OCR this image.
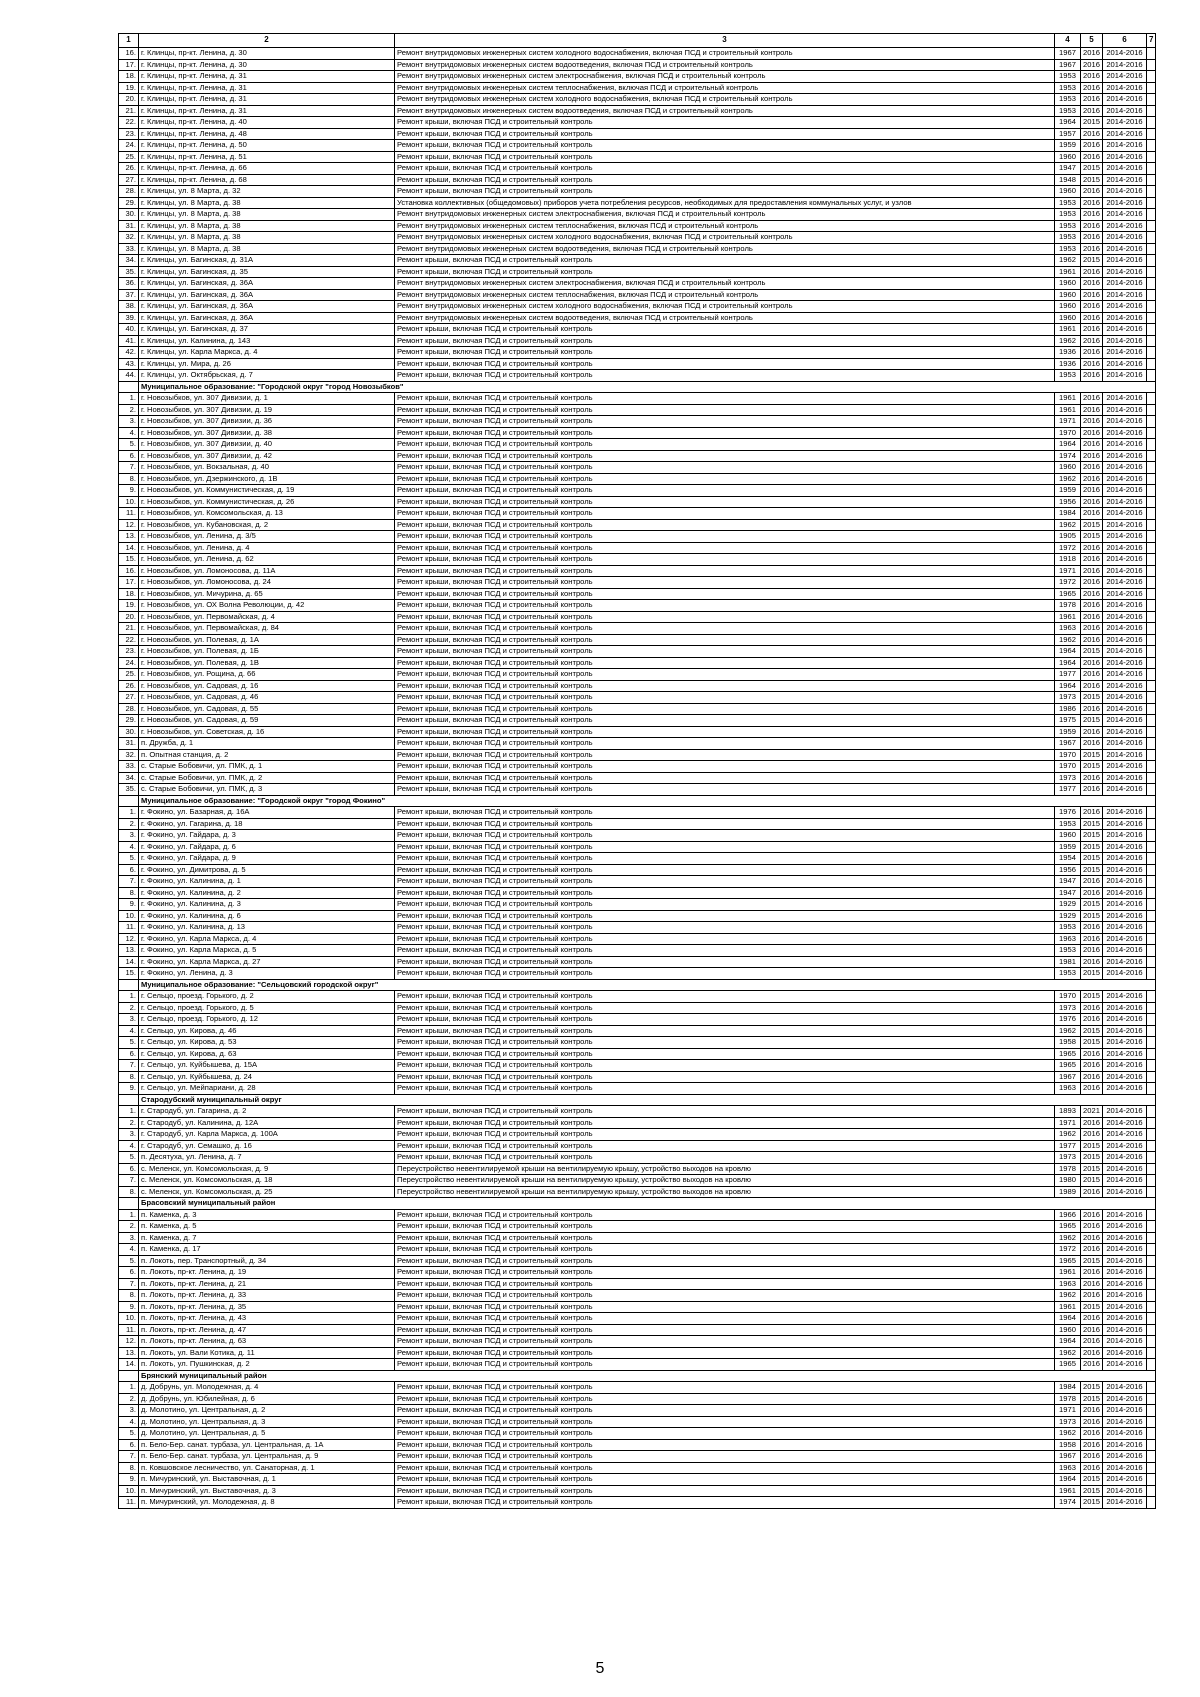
1	2	3	4	5	6	7
16.	г. Клинцы, пр-кт. Ленина, д. 30	Ремонт внутридомовых инженерных систем холодного водоснабжения, включая ПСД и строительный контроль	1967	2016	2014-2016	
17.	г. Клинцы, пр-кт. Ленина, д. 30	Ремонт внутридомовых инженерных систем водоотведения, включая ПСД и строительный контроль	1967	2016	2014-2016	
18.	г. Клинцы, пр-кт. Ленина, д. 31	Ремонт внутридомовых инженерных систем электроснабжения, включая ПСД и строительный контроль	1953	2016	2014-2016	
19.	г. Клинцы, пр-кт. Ленина, д. 31	Ремонт внутридомовых инженерных систем теплоснабжения, включая ПСД и строительный контроль	1953	2016	2014-2016	
20.	г. Клинцы, пр-кт. Ленина, д. 31	Ремонт внутридомовых инженерных систем холодного водоснабжения, включая ПСД и строительный контроль	1953	2016	2014-2016	
21.	г. Клинцы, пр-кт. Ленина, д. 31	Ремонт внутридомовых инженерных систем водоотведения, включая ПСД и строительный контроль	1953	2016	2014-2016	
22.	г. Клинцы, пр-кт. Ленина, д. 40	Ремонт крыши, включая ПСД и строительный контроль	1964	2015	2014-2016	
23.	г. Клинцы, пр-кт. Ленина, д. 48	Ремонт крыши, включая ПСД и строительный контроль	1957	2016	2014-2016	
24.	г. Клинцы, пр-кт. Ленина, д. 50	Ремонт крыши, включая ПСД и строительный контроль	1959	2016	2014-2016	
25.	г. Клинцы, пр-кт. Ленина, д. 51	Ремонт крыши, включая ПСД и строительный контроль	1960	2016	2014-2016	
26.	г. Клинцы, пр-кт. Ленина, д. 66	Ремонт крыши, включая ПСД и строительный контроль	1947	2015	2014-2016	
27.	г. Клинцы, пр-кт. Ленина, д. 68	Ремонт крыши, включая ПСД и строительный контроль	1948	2015	2014-2016	
28.	г. Клинцы, ул. 8 Марта, д. 32	Ремонт крыши, включая ПСД и строительный контроль	1960	2016	2014-2016	
29.	г. Клинцы, ул. 8 Марта, д. 38	Установка коллективных (общедомовых) приборов учета потребления ресурсов, необходимых для предоставления коммунальных услуг, и узлов	1953	2016	2014-2016	
30.	г. Клинцы, ул. 8 Марта, д. 38	Ремонт внутридомовых инженерных систем электроснабжения, включая ПСД и строительный контроль	1953	2016	2014-2016	
31.	г. Клинцы, ул. 8 Марта, д. 38	Ремонт внутридомовых инженерных систем теплоснабжения, включая ПСД и строительный контроль	1953	2016	2014-2016	
32.	г. Клинцы, ул. 8 Марта, д. 38	Ремонт внутридомовых инженерных систем холодного водоснабжения, включая ПСД и строительный контроль	1953	2016	2014-2016	
33.	г. Клинцы, ул. 8 Марта, д. 38	Ремонт внутридомовых инженерных систем водоотведения, включая ПСД и строительный контроль	1953	2016	2014-2016	
34.	г. Клинцы, ул. Багинская, д. 31А	Ремонт крыши, включая ПСД и строительный контроль	1962	2015	2014-2016	
35.	г. Клинцы, ул. Багинская, д. 35	Ремонт крыши, включая ПСД и строительный контроль	1961	2016	2014-2016	
36.	г. Клинцы, ул. Багинская, д. 36А	Ремонт внутридомовых инженерных систем электроснабжения, включая ПСД и строительный контроль	1960	2016	2014-2016	
37.	г. Клинцы, ул. Багинская, д. 36А	Ремонт внутридомовых инженерных систем теплоснабжения, включая ПСД и строительный контроль	1960	2016	2014-2016	
38.	г. Клинцы, ул. Багинская, д. 36А	Ремонт внутридомовых инженерных систем холодного водоснабжения, включая ПСД и строительный контроль	1960	2016	2014-2016	
39.	г. Клинцы, ул. Багинская, д. 36А	Ремонт внутридомовых инженерных систем водоотведения, включая ПСД и строительный контроль	1960	2016	2014-2016	
40.	г. Клинцы, ул. Багинская, д. 37	Ремонт крыши, включая ПСД и строительный контроль	1961	2016	2014-2016	
41.	г. Клинцы, ул. Калинина, д. 143	Ремонт крыши, включая ПСД и строительный контроль	1962	2016	2014-2016	
42.	г. Клинцы, ул. Карла Маркса, д. 4	Ремонт крыши, включая ПСД и строительный контроль	1936	2016	2014-2016	
43.	г. Клинцы, ул. Мира, д. 26	Ремонт крыши, включая ПСД и строительный контроль	1936	2016	2014-2016	
44.	г. Клинцы, ул. Октябрьская, д. 7	Ремонт крыши, включая ПСД и строительный контроль	1953	2016	2014-2016	
	Муниципальное образование: "Городской округ "город Новозыбков"					
1.	г. Новозыбков, ул. 307 Дивизии, д. 1	Ремонт крыши, включая ПСД и строительный контроль	1961	2016	2014-2016	
2.	г. Новозыбков, ул. 307 Дивизии, д. 19	Ремонт крыши, включая ПСД и строительный контроль	1961	2016	2014-2016	
3.	г. Новозыбков, ул. 307 Дивизии, д. 36	Ремонт крыши, включая ПСД и строительный контроль	1971	2016	2014-2016	
4.	г. Новозыбков, ул. 307 Дивизии, д. 38	Ремонт крыши, включая ПСД и строительный контроль	1970	2016	2014-2016	
5.	г. Новозыбков, ул. 307 Дивизии, д. 40	Ремонт крыши, включая ПСД и строительный контроль	1964	2016	2014-2016	
6.	г. Новозыбков, ул. 307 Дивизии, д. 42	Ремонт крыши, включая ПСД и строительный контроль	1974	2016	2014-2016	
7.	г. Новозыбков, ул. Вокзальная, д. 40	Ремонт крыши, включая ПСД и строительный контроль	1960	2016	2014-2016	
8.	г. Новозыбков, ул. Дзержинского, д. 1В	Ремонт крыши, включая ПСД и строительный контроль	1962	2016	2014-2016	
9.	г. Новозыбков, ул. Коммунистическая, д. 19	Ремонт крыши, включая ПСД и строительный контроль	1959	2016	2014-2016	
10.	г. Новозыбков, ул. Коммунистическая, д. 26	Ремонт крыши, включая ПСД и строительный контроль	1956	2016	2014-2016	
11.	г. Новозыбков, ул. Комсомольская, д. 13	Ремонт крыши, включая ПСД и строительный контроль	1984	2016	2014-2016	
12.	г. Новозыбков, ул. Кубановская, д. 2	Ремонт крыши, включая ПСД и строительный контроль	1962	2015	2014-2016	
13.	г. Новозыбков, ул. Ленина, д. 3/5	Ремонт крыши, включая ПСД и строительный контроль	1905	2015	2014-2016	
14.	г. Новозыбков, ул. Ленина, д. 4	Ремонт крыши, включая ПСД и строительный контроль	1972	2016	2014-2016	
15.	г. Новозыбков, ул. Ленина, д. 62	Ремонт крыши, включая ПСД и строительный контроль	1918	2016	2014-2016	
16.	г. Новозыбков, ул. Ломоносова, д. 11А	Ремонт крыши, включая ПСД и строительный контроль	1971	2016	2014-2016	
17.	г. Новозыбков, ул. Ломоносова, д. 24	Ремонт крыши, включая ПСД и строительный контроль	1972	2016	2014-2016	
18.	г. Новозыбков, ул. Мичурина, д. 65	Ремонт крыши, включая ПСД и строительный контроль	1965	2016	2014-2016	
19.	г. Новозыбков, ул. ОХ Волна Революции, д. 42	Ремонт крыши, включая ПСД и строительный контроль	1978	2016	2014-2016	
20.	г. Новозыбков, ул. Первомайская, д. 4	Ремонт крыши, включая ПСД и строительный контроль	1961	2016	2014-2016	
21.	г. Новозыбков, ул. Первомайская, д. 84	Ремонт крыши, включая ПСД и строительный контроль	1963	2016	2014-2016	
22.	г. Новозыбков, ул. Полевая, д. 1А	Ремонт крыши, включая ПСД и строительный контроль	1962	2016	2014-2016	
23.	г. Новозыбков, ул. Полевая, д. 1Б	Ремонт крыши, включая ПСД и строительный контроль	1964	2015	2014-2016	
24.	г. Новозыбков, ул. Полевая, д. 1В	Ремонт крыши, включая ПСД и строительный контроль	1964	2016	2014-2016	
25.	г. Новозыбков, ул. Рощина, д. 66	Ремонт крыши, включая ПСД и строительный контроль	1977	2016	2014-2016	
26.	г. Новозыбков, ул. Садовая, д. 16	Ремонт крыши, включая ПСД и строительный контроль	1964	2016	2014-2016	
27.	г. Новозыбков, ул. Садовая, д. 46	Ремонт крыши, включая ПСД и строительный контроль	1973	2015	2014-2016	
28.	г. Новозыбков, ул. Садовая, д. 55	Ремонт крыши, включая ПСД и строительный контроль	1986	2016	2014-2016	
29.	г. Новозыбков, ул. Садовая, д. 59	Ремонт крыши, включая ПСД и строительный контроль	1975	2015	2014-2016	
30.	г. Новозыбков, ул. Советская, д. 16	Ремонт крыши, включая ПСД и строительный контроль	1959	2016	2014-2016	
31.	п. Дружба, д. 1	Ремонт крыши, включая ПСД и строительный контроль	1967	2016	2014-2016	
32.	п. Опытная станция, д. 2	Ремонт крыши, включая ПСД и строительный контроль	1970	2015	2014-2016	
33.	с. Старые Бобовичи, ул. ПМК, д. 1	Ремонт крыши, включая ПСД и строительный контроль	1970	2015	2014-2016	
34.	с. Старые Бобовичи, ул. ПМК, д. 2	Ремонт крыши, включая ПСД и строительный контроль	1973	2016	2014-2016	
35.	с. Старые Бобовичи, ул. ПМК, д. 3	Ремонт крыши, включая ПСД и строительный контроль	1977	2016	2014-2016	
	Муниципальное образование: "Городской округ "город Фокино"					
1.	г. Фокино, ул. Базарная, д. 16А	Ремонт крыши, включая ПСД и строительный контроль	1976	2016	2014-2016	
2.	г. Фокино, ул. Гагарина, д. 18	Ремонт крыши, включая ПСД и строительный контроль	1953	2015	2014-2016	
3.	г. Фокино, ул. Гайдара, д. 3	Ремонт крыши, включая ПСД и строительный контроль	1960	2015	2014-2016	
4.	г. Фокино, ул. Гайдара, д. 6	Ремонт крыши, включая ПСД и строительный контроль	1959	2015	2014-2016	
5.	г. Фокино, ул. Гайдара, д. 9	Ремонт крыши, включая ПСД и строительный контроль	1954	2015	2014-2016	
6.	г. Фокино, ул. Димитрова, д. 5	Ремонт крыши, включая ПСД и строительный контроль	1956	2015	2014-2016	
7.	г. Фокино, ул. Калинина, д. 1	Ремонт крыши, включая ПСД и строительный контроль	1947	2016	2014-2016	
8.	г. Фокино, ул. Калинина, д. 2	Ремонт крыши, включая ПСД и строительный контроль	1947	2016	2014-2016	
9.	г. Фокино, ул. Калинина, д. 3	Ремонт крыши, включая ПСД и строительный контроль	1929	2015	2014-2016	
10.	г. Фокино, ул. Калинина, д. 6	Ремонт крыши, включая ПСД и строительный контроль	1929	2015	2014-2016	
11.	г. Фокино, ул. Калинина, д. 13	Ремонт крыши, включая ПСД и строительный контроль	1953	2016	2014-2016	
12.	г. Фокино, ул. Карла Маркса, д. 4	Ремонт крыши, включая ПСД и строительный контроль	1963	2016	2014-2016	
13.	г. Фокино, ул. Карла Маркса, д. 5	Ремонт крыши, включая ПСД и строительный контроль	1953	2016	2014-2016	
14.	г. Фокино, ул. Карла Маркса, д. 27	Ремонт крыши, включая ПСД и строительный контроль	1981	2016	2014-2016	
15.	г. Фокино, ул. Ленина, д. 3	Ремонт крыши, включая ПСД и строительный контроль	1953	2015	2014-2016	
	Муниципальное образование: "Сельцовский городской округ"					
1.	г. Сельцо, проезд. Горького, д. 2	Ремонт крыши, включая ПСД и строительный контроль	1970	2015	2014-2016	
2.	г. Сельцо, проезд. Горького, д. 5	Ремонт крыши, включая ПСД и строительный контроль	1973	2016	2014-2016	
3.	г. Сельцо, проезд. Горького, д. 12	Ремонт крыши, включая ПСД и строительный контроль	1976	2016	2014-2016	
4.	г. Сельцо, ул. Кирова, д. 46	Ремонт крыши, включая ПСД и строительный контроль	1962	2015	2014-2016	
5.	г. Сельцо, ул. Кирова, д. 53	Ремонт крыши, включая ПСД и строительный контроль	1958	2015	2014-2016	
6.	г. Сельцо, ул. Кирова, д. 63	Ремонт крыши, включая ПСД и строительный контроль	1965	2016	2014-2016	
7.	г. Сельцо, ул. Куйбышева, д. 15А	Ремонт крыши, включая ПСД и строительный контроль	1965	2016	2014-2016	
8.	г. Сельцо, ул. Куйбышева, д. 24	Ремонт крыши, включая ПСД и строительный контроль	1967	2016	2014-2016	
9.	г. Сельцо, ул. Мейпариани, д. 28	Ремонт крыши, включая ПСД и строительный контроль	1963	2016	2014-2016	
	Стародубский муниципальный округ					
1.	г. Стародуб, ул. Гагарина, д. 2	Ремонт крыши, включая ПСД и строительный контроль	1893	2021	2014-2016	
2.	г. Стародуб, ул. Калинина, д. 12А	Ремонт крыши, включая ПСД и строительный контроль	1971	2016	2014-2016	
3.	г. Стародуб, ул. Карла Маркса, д. 100А	Ремонт крыши, включая ПСД и строительный контроль	1962	2016	2014-2016	
4.	г. Стародуб, ул. Семашко, д. 16	Ремонт крыши, включая ПСД и строительный контроль	1977	2015	2014-2016	
5.	п. Десятуха, ул. Ленина, д. 7	Ремонт крыши, включая ПСД и строительный контроль	1973	2015	2014-2016	
6.	с. Меленск, ул. Комсомольская, д. 9	Переустройство невентилируемой крыши на вентилируемую крышу, устройство выходов на кровлю	1978	2015	2014-2016	
7.	с. Меленск, ул. Комсомольская, д. 18	Переустройство невентилируемой крыши на вентилируемую крышу, устройство выходов на кровлю	1980	2015	2014-2016	
8.	с. Меленск, ул. Комсомольская, д. 25	Переустройство невентилируемой крыши на вентилируемую крышу, устройство выходов на кровлю	1989	2016	2014-2016	
	Брасовский муниципальный район					
1.	п. Каменка, д. 3	Ремонт крыши, включая ПСД и строительный контроль	1966	2016	2014-2016	
2.	п. Каменка, д. 5	Ремонт крыши, включая ПСД и строительный контроль	1965	2016	2014-2016	
3.	п. Каменка, д. 7	Ремонт крыши, включая ПСД и строительный контроль	1962	2016	2014-2016	
4.	п. Каменка, д. 17	Ремонт крыши, включая ПСД и строительный контроль	1972	2016	2014-2016	
5.	п. Локоть, пер. Транспортный, д. 34	Ремонт крыши, включая ПСД и строительный контроль	1965	2015	2014-2016	
6.	п. Локоть, пр-кт. Ленина, д. 19	Ремонт крыши, включая ПСД и строительный контроль	1961	2016	2014-2016	
7.	п. Локоть, пр-кт. Ленина, д. 21	Ремонт крыши, включая ПСД и строительный контроль	1963	2016	2014-2016	
8.	п. Локоть, пр-кт. Ленина, д. 33	Ремонт крыши, включая ПСД и строительный контроль	1962	2016	2014-2016	
9.	п. Локоть, пр-кт. Ленина, д. 35	Ремонт крыши, включая ПСД и строительный контроль	1961	2015	2014-2016	
10.	п. Локоть, пр-кт. Ленина, д. 43	Ремонт крыши, включая ПСД и строительный контроль	1964	2016	2014-2016	
11.	п. Локоть, пр-кт. Ленина, д. 47	Ремонт крыши, включая ПСД и строительный контроль	1960	2016	2014-2016	
12.	п. Локоть, пр-кт. Ленина, д. 63	Ремонт крыши, включая ПСД и строительный контроль	1964	2016	2014-2016	
13.	п. Локоть, ул. Вали Котика, д. 11	Ремонт крыши, включая ПСД и строительный контроль	1962	2016	2014-2016	
14.	п. Локоть, ул. Пушкинская, д. 2	Ремонт крыши, включая ПСД и строительный контроль	1965	2016	2014-2016	
	Брянский муниципальный район					
1.	д. Добрунь, ул. Молодежная, д. 4	Ремонт крыши, включая ПСД и строительный контроль	1984	2015	2014-2016	
2.	д. Добрунь, ул. Юбилейная, д. 6	Ремонт крыши, включая ПСД и строительный контроль	1978	2015	2014-2016	
3.	д. Молотино, ул. Центральная, д. 2	Ремонт крыши, включая ПСД и строительный контроль	1971	2016	2014-2016	
4.	д. Молотино, ул. Центральная, д. 3	Ремонт крыши, включая ПСД и строительный контроль	1973	2016	2014-2016	
5.	д. Молотино, ул. Центральная, д. 5	Ремонт крыши, включая ПСД и строительный контроль	1962	2016	2014-2016	
6.	п. Бело-Бер. санат. турбаза, ул. Центральная, д. 1А	Ремонт крыши, включая ПСД и строительный контроль	1958	2016	2014-2016	
7.	п. Бело-Бер. санат. турбаза, ул. Центральная, д. 9	Ремонт крыши, включая ПСД и строительный контроль	1967	2016	2014-2016	
8.	п. Ковшовское лесничество, ул. Санаторная, д. 1	Ремонт крыши, включая ПСД и строительный контроль	1963	2016	2014-2016	
9.	п. Мичуринский, ул. Выставочная, д. 1	Ремонт крыши, включая ПСД и строительный контроль	1964	2015	2014-2016	
10.	п. Мичуринский, ул. Выставочная, д. 3	Ремонт крыши, включая ПСД и строительный контроль	1961	2015	2014-2016	
11.	п. Мичуринский, ул. Молодежная, д. 8	Ремонт крыши, включая ПСД и строительный контроль	1974	2015	2014-2016	
5
